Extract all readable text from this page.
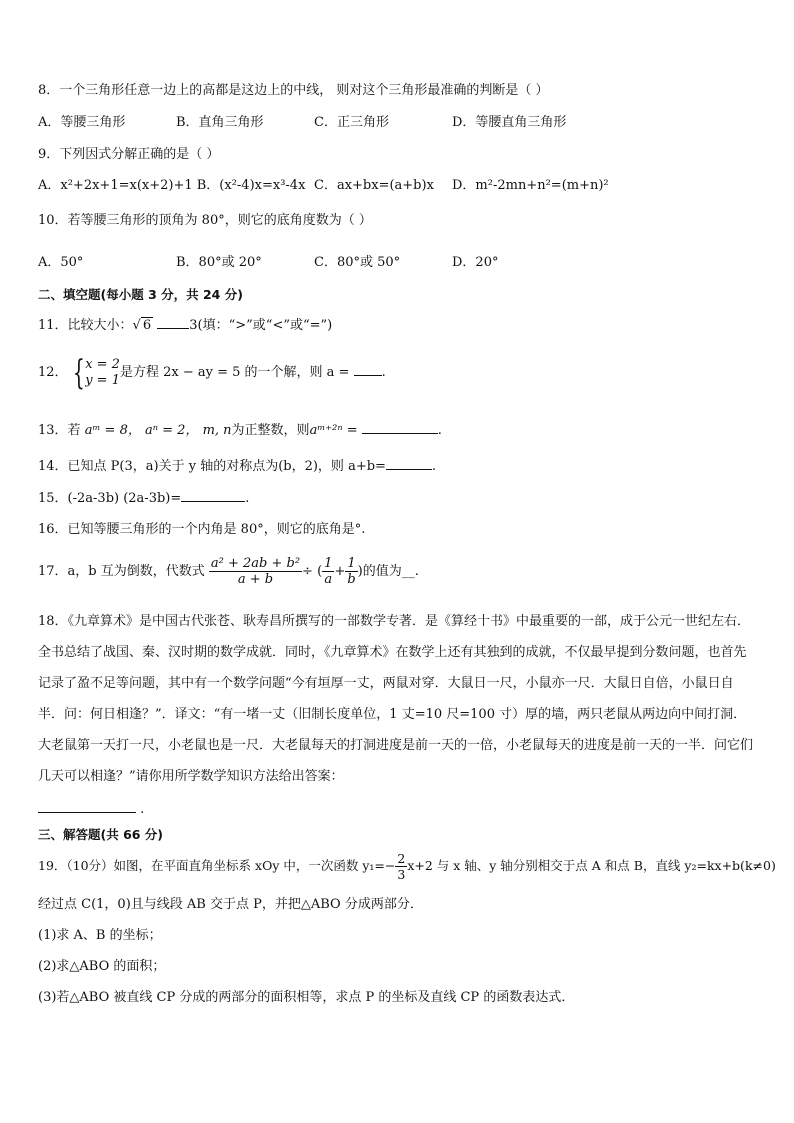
8．一个三角形任意一边上的高都是这边上的中线， 则对这个三角形最准确的判断是（ ）
A．等腰三角形	B．直角三角形	C．正三角形	D．等腰直角三角形
9．下列因式分解正确的是（ ）
A．x²+2x+1=x(x+2)+1 B．(x²-4)x=x³-4x C．ax+bx=(a+b)x D．m²-2mn+n²=(m+n)²
10．若等腰三角形的顶角为 80°，则它的底角度数为（ ）
A．50°	B．80°或 20°	C．80°或 50°	D．20°
二、填空题(每小题 3 分，共 24 分)
11．比较大小：√ 6	3(填：“>”或“<”或“=”)
12． { x = 2
y = 1 是方程 2x − ay = 5 的一个解，则 a = .
13．若 aᵐ = 8， aⁿ = 2， m, n为正整数，则aᵐ⁺²ⁿ =	.
14．已知点 P(3，a)关于 y 轴的对称点为(b，2)，则 a+b=	.
15．(-2a-3b) (2a-3b)=	.
16．已知等腰三角形的一个内角是 80°，则它的底角是°.
17．a，b 互为倒数，代数式 $\frac{\text{a² + 2ab + b²}}{a + b}$ ÷ ( $\frac{1}{a} + \frac{1}{b}$ )的值为__.
18．《九章算术》是中国古代张苍、耿寿昌所撰写的一部数学专著．是《算经十书》中最重要的一部，成于公元一世纪左右．全书总结了战国、秦、汉时期的数学成就．同时，《九章算术》在数学上还有其独到的成就，不仅最早提到分数问题，也首先记录了盈不足等问题，其中有一个数学问题“今有垣厚一丈，两鼠对穿．大鼠日一尺，小鼠亦一尺．大鼠日自倍，小鼠日自半．问：何日相逢？”．译文：“有一堵一丈（旧制长度单位，1 丈=10 尺=100 寸）厚的墙，两只老鼠从两边向中间打洞．大老鼠第一天打一尺，小老鼠也是一尺．大老鼠每天的打洞进度是前一天的一倍，小老鼠每天的进度是前一天的一半．问它们几天可以相逢？”请你用所学数学知识方法给出答案：
.
三、解答题(共 66 分)
19．（10分）如图，在平面直角坐标系 xOy 中，一次函数 $y_1=- \frac{2}{3} x+2$ 与 x 轴、y 轴分别相交于点 A 和点 B，直线 y₂=kx+b(k≠0)
经过点 C(1，0)且与线段 AB 交于点 P，并把△ABO 分成两部分．
(1)求 A、B 的坐标；
(2)求△ABO 的面积；
(3)若△ABO 被直线 CP 分成的两部分的面积相等，求点 P 的坐标及直线 CP 的函数表达式．
